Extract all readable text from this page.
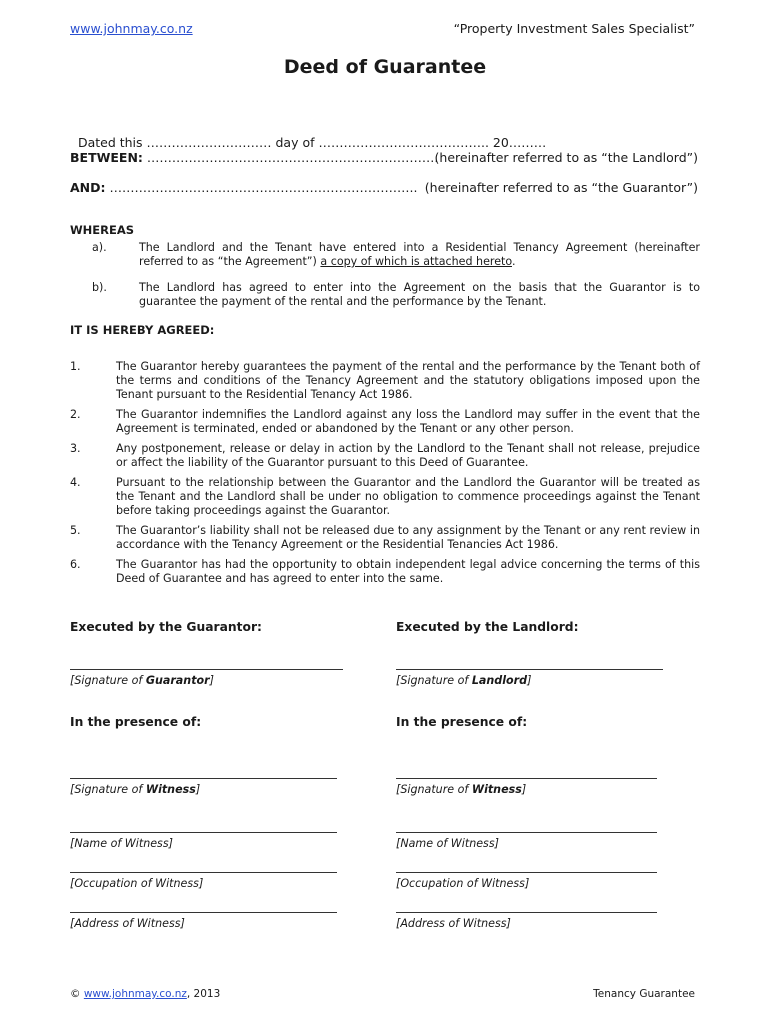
www.johnmay.co.nz	“Property Investment Sales Specialist”
Deed of Guarantee

Dated this ………………………… day of ………………………………….. 20………

BETWEEN: …………………………………………………………….
(hereinafter referred to as “the Landlord”)
AND: ……………………………………………………………….. (hereinafter referred to as “the Guarantor”)
WHEREAS
a).	The Landlord and the Tenant have entered into a Residential Tenancy Agreement (hereinafter referred to as “the Agreement”) a copy of which is attached hereto.
b).	The Landlord has agreed to enter into the Agreement on the basis that the Guarantor is to guarantee the payment of the rental and the performance by the Tenant.
IT IS HEREBY AGREED:
1.	The Guarantor hereby guarantees the payment of the rental and the performance by the Tenant both of the terms and conditions of the Tenancy Agreement and the statutory obligations imposed upon the Tenant pursuant to the Residential Tenancy Act 1986.
2.	The Guarantor indemnifies the Landlord against any loss the Landlord may suffer in the event that the Agreement is terminated, ended or abandoned by the Tenant or any other person.
3.	Any postponement, release or delay in action by the Landlord to the Tenant shall not release, prejudice or affect the liability of the Guarantor pursuant to this Deed of Guarantee.
4.	Pursuant to the relationship between the Guarantor and the Landlord the Guarantor will be treated as the Tenant and the Landlord shall be under no obligation to commence proceedings against the Tenant before taking proceedings against the Guarantor.
5.	The Guarantor’s liability shall not be released due to any assignment by the Tenant or any rent review in accordance with the Tenancy Agreement or the Residential Tenancies Act 1986.
6.	The Guarantor has had the opportunity to obtain independent legal advice concerning the terms of this Deed of Guarantee and has agreed to enter into the same.
Executed by the Guarantor:
[Signature of Guarantor]
In the presence of:
[Signature of Witness]
[Name of Witness]
[Occupation of Witness]
[Address of Witness]
Executed by the Landlord:
[Signature of Landlord]
In the presence of:
[Signature of Witness]
[Name of Witness]
[Occupation of Witness]
[Address of Witness]
© www.johnmay.co.nz, 2013	Tenancy Guarantee
